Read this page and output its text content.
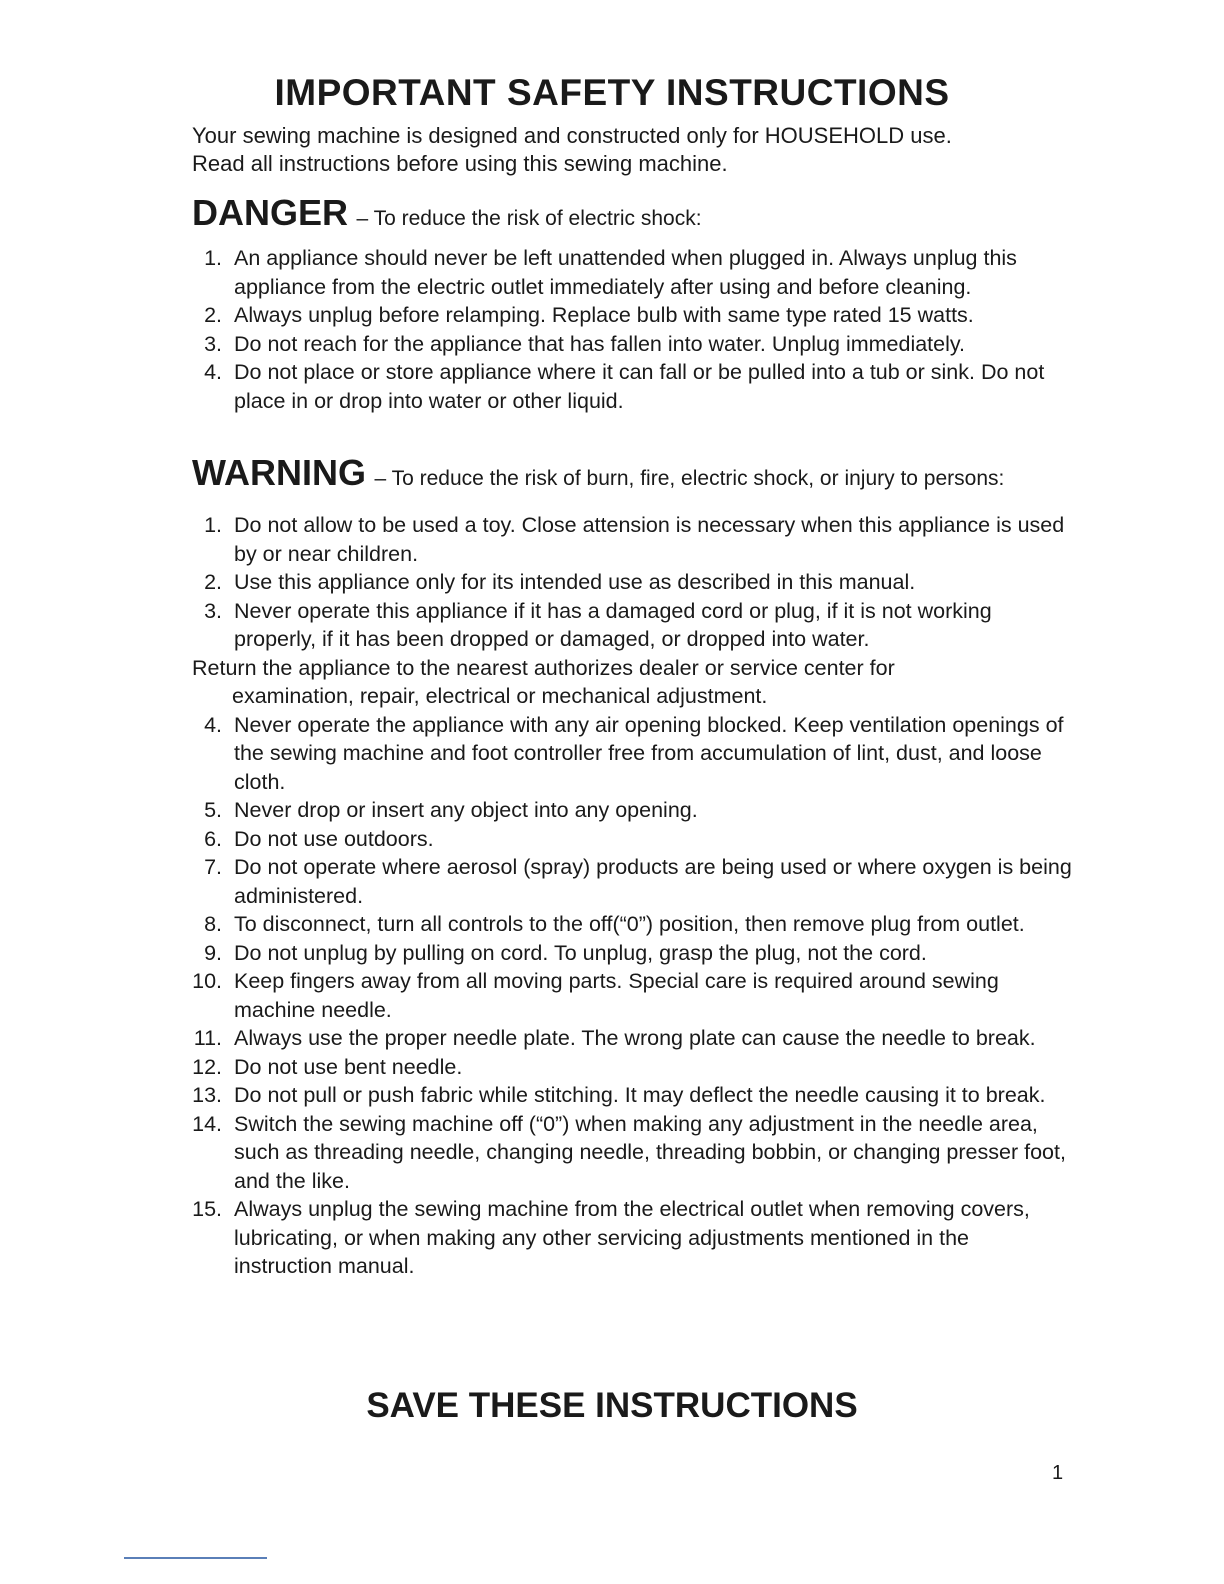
IMPORTANT SAFETY INSTRUCTIONS

Your sewing machine is designed and constructed only for HOUSEHOLD use.

Read all instructions before using this sewing machine.

DANGER – To reduce the risk of electric shock:
1. An appliance should never be left unattended when plugged in. Always unplug this appliance from the electric outlet immediately after using and before cleaning.
2. Always unplug before relamping. Replace bulb with same type rated 15 watts.
3. Do not reach for the appliance that has fallen into water. Unplug immediately.
4. Do not place or store appliance where it can fall or be pulled into a tub or sink. Do not place in or drop into water or other liquid.
WARNING – To reduce the risk of burn, fire, electric shock, or injury to persons:
1. Do not allow to be used a toy. Close attension is necessary when this appliance is used by or near children.
2. Use this appliance only for its intended use as described in this manual.
3. Never operate this appliance if it has a damaged cord or plug, if it is not working properly, if it has been dropped or damaged, or dropped into water.
Return the appliance to the nearest authorizes dealer or service center for
examination, repair, electrical or mechanical adjustment.
4. Never operate the appliance with any air opening blocked. Keep ventilation openings of the sewing machine and foot controller free from accumulation of lint, dust, and loose cloth.
5. Never drop or insert any object into any opening.
6. Do not use outdoors.
7. Do not operate where aerosol (spray) products are being used or where oxygen is being administered.
8. To disconnect, turn all controls to the off(“0”) position, then remove plug from outlet.
9. Do not unplug by pulling on cord. To unplug, grasp the plug, not the cord.
10. Keep fingers away from all moving parts. Special care is required around sewing machine needle.
11. Always use the proper needle plate. The wrong plate can cause the needle to break.
12. Do not use bent needle.
13. Do not pull or push fabric while stitching. It may deflect the needle causing it to break.
14. Switch the sewing machine off (“0”) when making any adjustment in the needle area, such as threading needle, changing needle, threading bobbin, or changing presser foot, and the like.
15. Always unplug the sewing machine from the electrical outlet when removing covers, lubricating, or when making any other servicing adjustments mentioned in the instruction manual.
SAVE THESE INSTRUCTIONS
1
